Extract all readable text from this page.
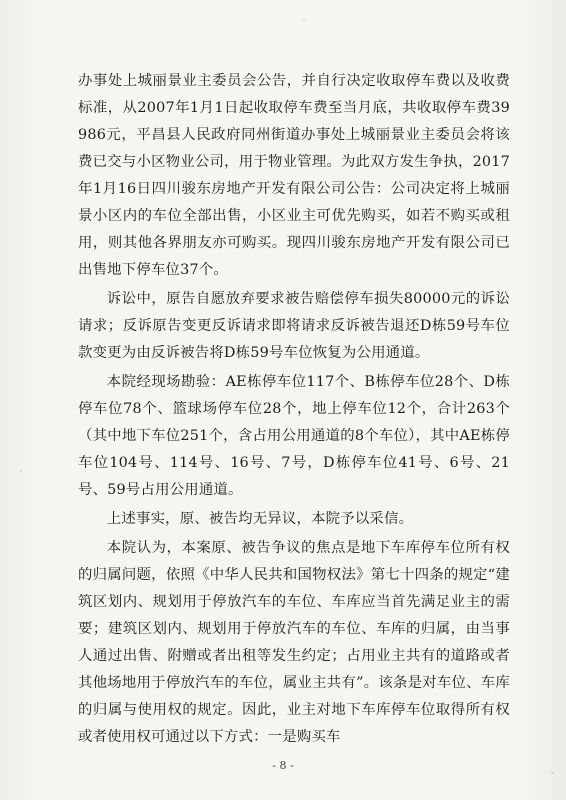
办事处上城丽景业主委员会公告，并自行决定收取停车费以及收费标准，从2007年1月1日起收取停车费至当月底，共收取停车费39986元，平昌县人民政府同州街道办事处上城丽景业主委员会将该费已交与小区物业公司，用于物业管理。为此双方发生争执，2017年1月16日四川骏东房地产开发有限公司公告：公司决定将上城丽景小区内的车位全部出售，小区业主可优先购买，如若不购买或租用，则其他各界朋友亦可购买。现四川骏东房地产开发有限公司已出售地下停车位37个。

诉讼中，原告自愿放弃要求被告赔偿停车损失80000元的诉讼请求；反诉原告变更反诉请求即将请求反诉被告退还D栋59号车位款变更为由反诉被告将D栋59号车位恢复为公用通道。

本院经现场勘验：AE栋停车位117个、B栋停车位28个、D栋停车位78个、篮球场停车位28个，地上停车位12个，合计263个（其中地下车位251个，含占用公用通道的8个车位），其中AE栋停车位104号、114号、16号、7号，D栋停车位41号、6号、21号、59号占用公用通道。

上述事实，原、被告均无异议，本院予以采信。

本院认为，本案原、被告争议的焦点是地下车库停车位所有权的归属问题，依照《中华人民共和国物权法》第七十四条的规定“建筑区划内、规划用于停放汽车的车位、车库应当首先满足业主的需要；建筑区划内、规划用于停放汽车的车位、车库的归属，由当事人通过出售、附赠或者出租等发生约定；占用业主共有的道路或者其他场地用于停放汽车的车位，属业主共有”。该条是对车位、车库的归属与使用权的规定。因此，业主对地下车库停车位取得所有权或者使用权可通过以下方式：一是购买车

- 8 -
